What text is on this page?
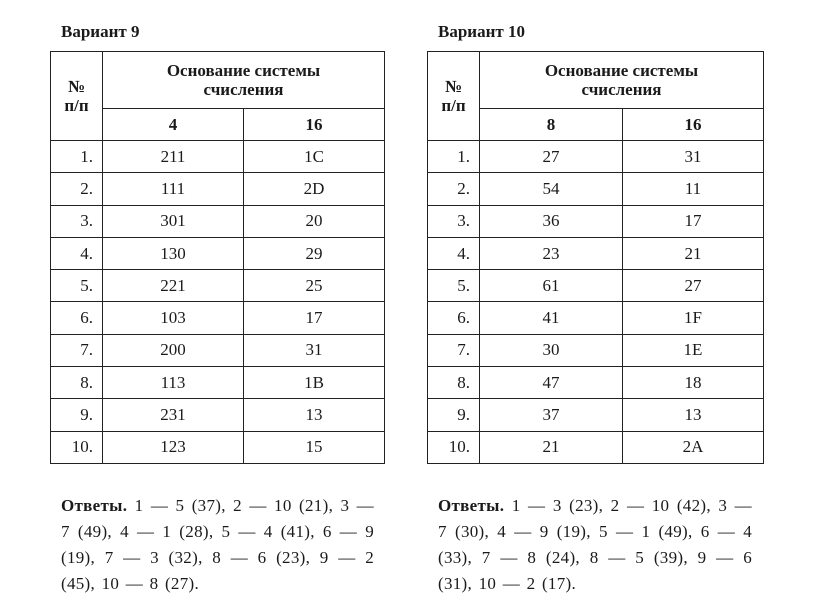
Вариант 9
№
п/п	Основание системы счисления	
	4	16
1.	211	1C
2.	111	2D
3.	301	20
4.	130	29
5.	221	25
6.	103	17
7.	200	31
8.	113	1B
9.	231	13
10.	123	15
Ответы. 1 — 5 (37), 2 — 10 (21), 3 — 7 (49), 4 — 1 (28), 5 — 4 (41), 6 — 9 (19), 7 — 3 (32), 8 — 6 (23), 9 — 2 (45), 10 — 8 (27).
Вариант 10
№
п/п	Основание системы счисления	
	8	16
1.	27	31
2.	54	11
3.	36	17
4.	23	21
5.	61	27
6.	41	1F
7.	30	1E
8.	47	18
9.	37	13
10.	21	2A
Ответы. 1 — 3 (23), 2 — 10 (42), 3 — 7 (30), 4 — 9 (19), 5 — 1 (49), 6 — 4 (33), 7 — 8 (24), 8 — 5 (39), 9 — 6 (31), 10 — 2 (17).
